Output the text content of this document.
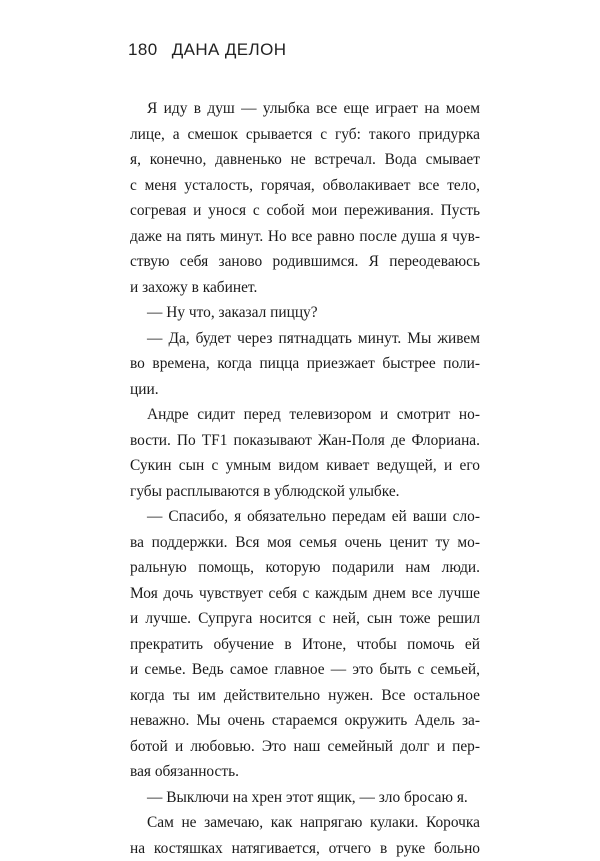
180 ДАНА ДЕЛОН
Я иду в душ — улыбка все еще играет на моем
лице, а смешок срывается с губ: такого придурка
я, конечно, давненько не встречал. Вода смывает
с меня усталость, горячая, обволакивает все тело,
согревая и унося с собой мои переживания. Пусть
даже на пять минут. Но все равно после душа я чув-
ствую себя заново родившимся. Я переодеваюсь
и захожу в кабинет.
— Ну что, заказал пиццу?
— Да, будет через пятнадцать минут. Мы живем
во времена, когда пицца приезжает быстрее поли-
ции.
Андре сидит перед телевизором и смотрит но-
вости. По TF1 показывают Жан-Поля де Флориана.
Сукин сын с умным видом кивает ведущей, и его
губы расплываются в ублюдской улыбке.
— Спасибо, я обязательно передам ей ваши сло-
ва поддержки. Вся моя семья очень ценит ту мо-
ральную помощь, которую подарили нам люди.
Моя дочь чувствует себя с каждым днем все лучше
и лучше. Супруга носится с ней, сын тоже решил
прекратить обучение в Итоне, чтобы помочь ей
и семье. Ведь самое главное — это быть с семьей,
когда ты им действительно нужен. Все остальное
неважно. Мы очень стараемся окружить Адель за-
ботой и любовью. Это наш семейный долг и пер-
вая обязанность.
— Выключи на хрен этот ящик, — зло бросаю я.
Сам не замечаю, как напрягаю кулаки. Корочка
на костяшках натягивается, отчего в руке больно
